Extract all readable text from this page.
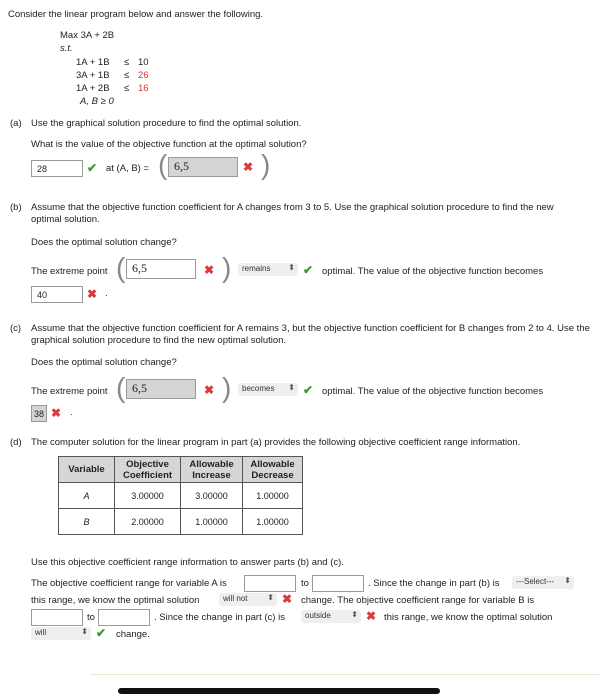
Consider the linear program below and answer the following.
Max 3A + 2B
s.t.
1A + 1B ≤ 10
3A + 1B ≤ 26
1A + 2B ≤ 16
A, B ≥ 0
(a) Use the graphical solution procedure to find the optimal solution.
What is the value of the objective function at the optimal solution?
28	✔ at (A, B) = ( 6,5	✖ )
(b) Assume that the objective function coefficient for A changes from 3 to 5. Use the graphical solution procedure to find the new optimal solution.
Does the optimal solution change?
The extreme point ( 6,5	✖ )	remains ⬍ ✔ optimal. The value of the objective function becomes
40	✖ .
(c) Assume that the objective function coefficient for A remains 3, but the objective function coefficient for B changes from 2 to 4. Use the graphical solution procedure to find the new optimal solution.
Does the optimal solution change?
The extreme point ( 6,5	✖ )	becomes ⬍ ✔ optimal. The value of the objective function becomes
38 ✖ .
(d) The computer solution for the linear program in part (a) provides the following objective coefficient range information.
Variable	Objective Coefficient	Allowable Increase	Allowable Decrease
A	3.00000	3.00000	1.00000
B	2.00000	1.00000	1.00000
Use this objective coefficient range information to answer parts (b) and (c).
The objective coefficient range for variable A is	to	. Since the change in part (b) is	---Select--- ⬍
this range, we know the optimal solution	will not ⬍ ✖ change. The objective coefficient range for variable B is
to	. Since the change in part (c) is	outside	⬍ ✖ this range, we know the optimal solution
will	⬍ ✔ change.
